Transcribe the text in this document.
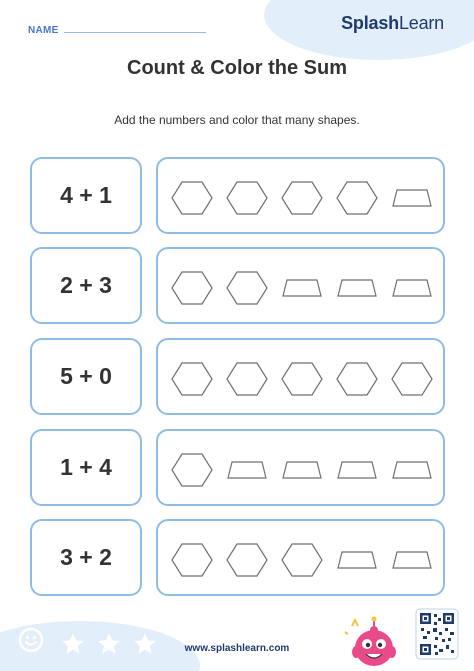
NAME	SplashLearn
Count & Color the Sum
Add the numbers and color that many shapes.
4 + 1
2 + 3
5 + 0
1 + 4
3 + 2
www.splashlearn.com
